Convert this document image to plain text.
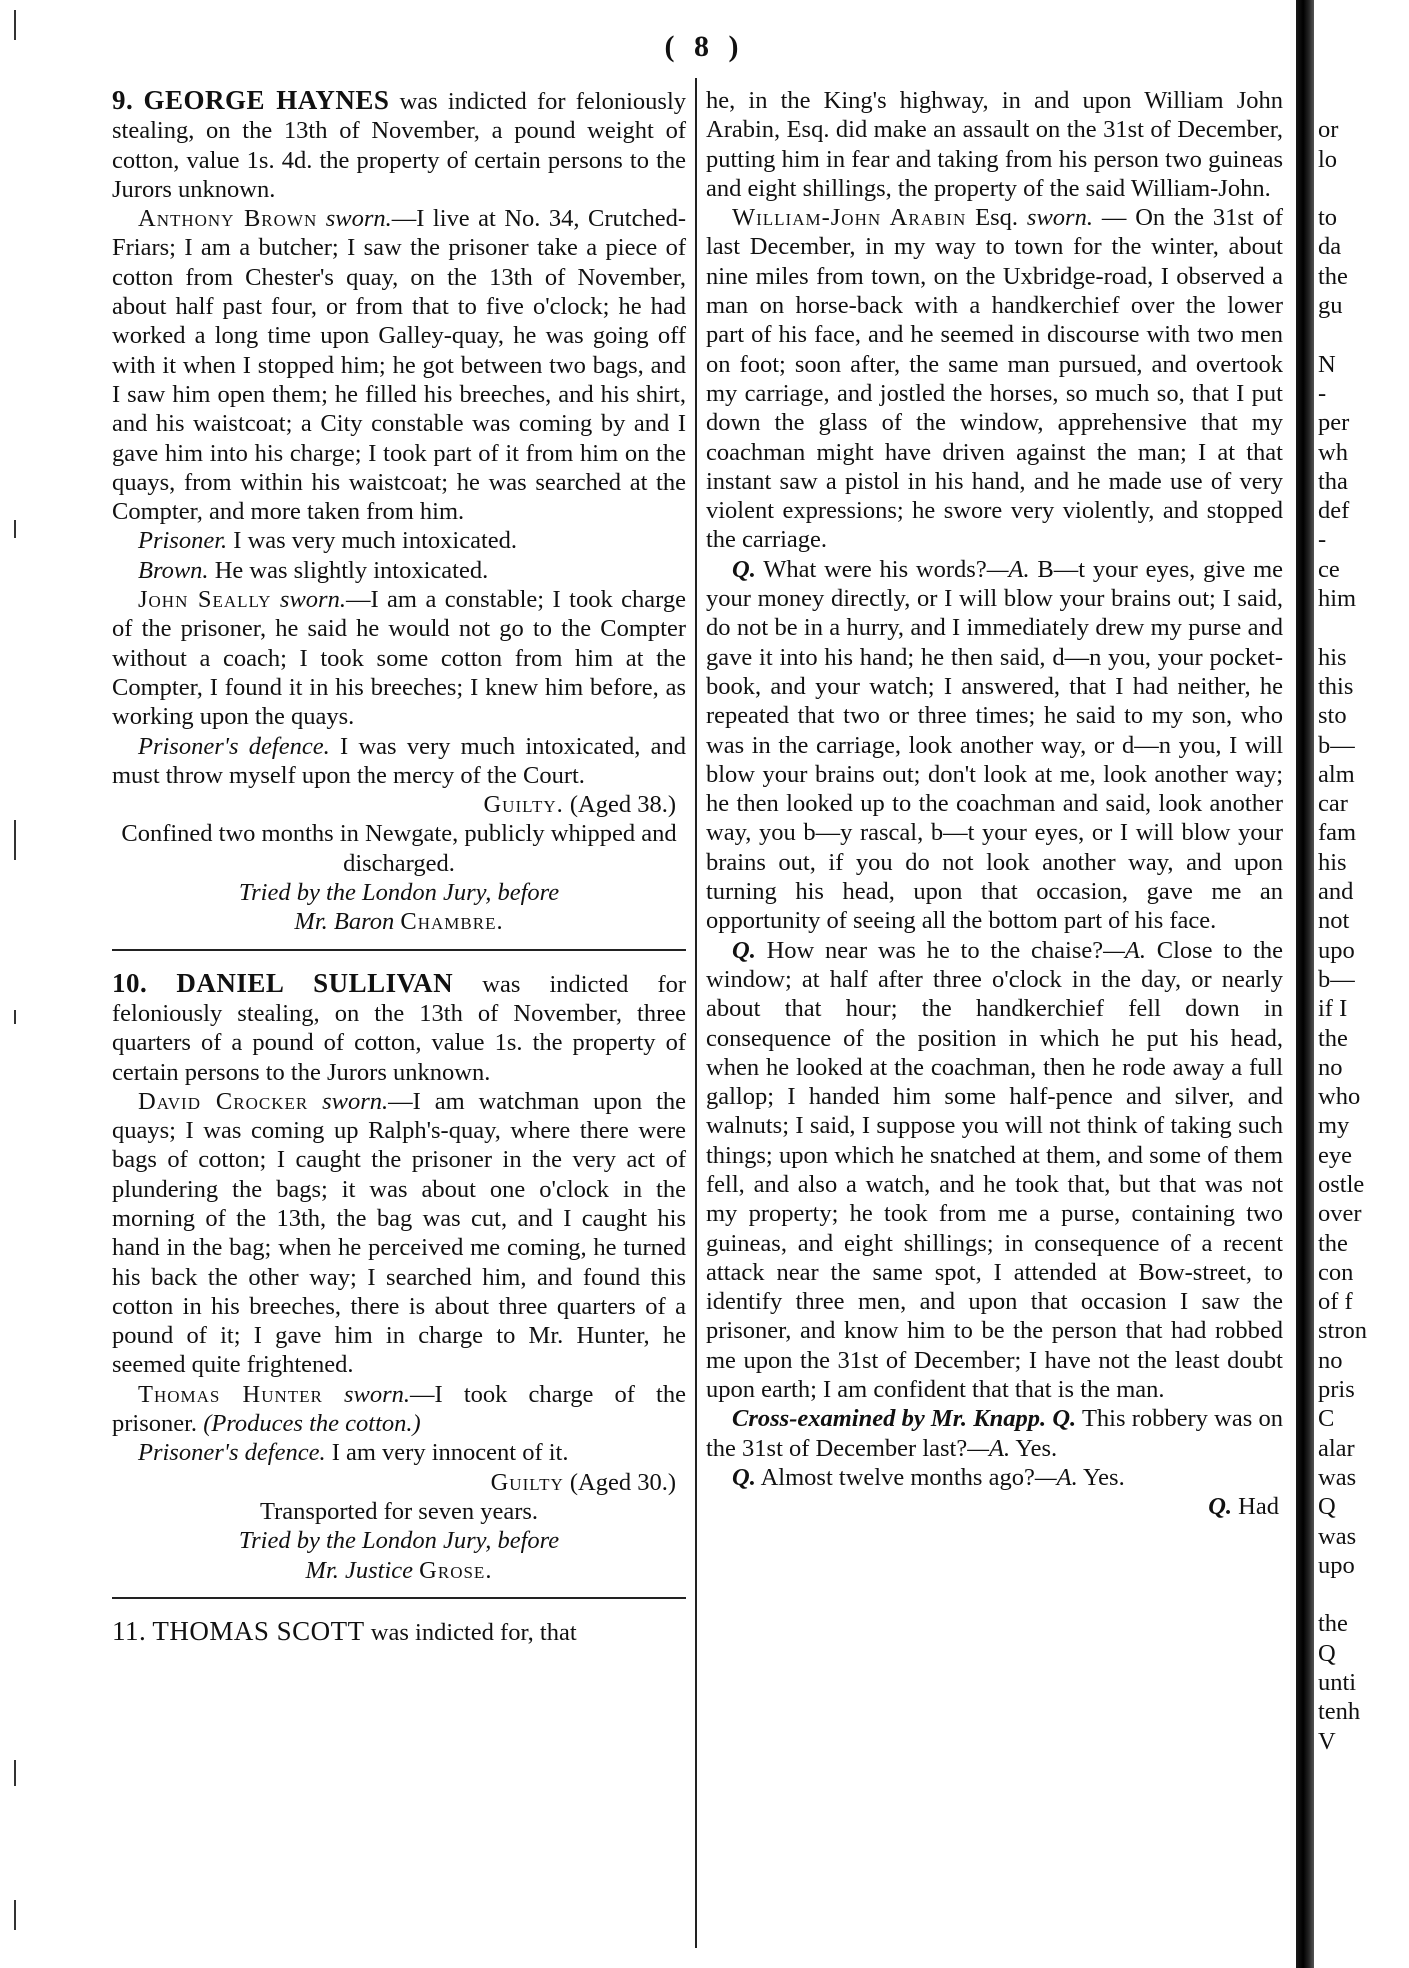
( 8 )

9. GEORGE HAYNES was indicted for feloniously stealing, on the 13th of November, a pound weight of cotton, value 1s. 4d. the property of certain persons to the Jurors unknown.

Anthony Brown sworn.—I live at No. 34, Crutched-Friars; I am a butcher; I saw the prisoner take a piece of cotton from Chester's quay, on the 13th of November, about half past four, or from that to five o'clock; he had worked a long time upon Galley-quay, he was going off with it when I stopped him; he got between two bags, and I saw him open them; he filled his breeches, and his shirt, and his waistcoat; a City constable was coming by and I gave him into his charge; I took part of it from him on the quays, from within his waistcoat; he was searched at the Compter, and more taken from him.

Prisoner. I was very much intoxicated.

Brown. He was slightly intoxicated.

John Seally sworn.—I am a constable; I took charge of the prisoner, he said he would not go to the Compter without a coach; I took some cotton from him at the Compter, I found it in his breeches; I knew him before, as working upon the quays.

Prisoner's defence. I was very much intoxicated, and must throw myself upon the mercy of the Court.

Guilty. (Aged 38.)

Confined two months in Newgate, publicly whipped and discharged.

Tried by the London Jury, before

Mr. Baron Chambre.

10. DANIEL SULLIVAN was indicted for feloniously stealing, on the 13th of November, three quarters of a pound of cotton, value 1s. the property of certain persons to the Jurors unknown.

David Crocker sworn.—I am watchman upon the quays; I was coming up Ralph's-quay, where there were bags of cotton; I caught the prisoner in the very act of plundering the bags; it was about one o'clock in the morning of the 13th, the bag was cut, and I caught his hand in the bag; when he perceived me coming, he turned his back the other way; I searched him, and found this cotton in his breeches, there is about three quarters of a pound of it; I gave him in charge to Mr. Hunter, he seemed quite frightened.

Thomas Hunter sworn.—I took charge of the prisoner. (Produces the cotton.)

Prisoner's defence. I am very innocent of it.

Guilty (Aged 30.)

Transported for seven years.

Tried by the London Jury, before

Mr. Justice Grose.

11. THOMAS SCOTT was indicted for, that

he, in the King's highway, in and upon William John Arabin, Esq. did make an assault on the 31st of December, putting him in fear and taking from his person two guineas and eight shillings, the property of the said William-John.

William-John Arabin Esq. sworn. — On the 31st of last December, in my way to town for the winter, about nine miles from town, on the Uxbridge-road, I observed a man on horse-back with a handkerchief over the lower part of his face, and he seemed in discourse with two men on foot; soon after, the same man pursued, and overtook my carriage, and jostled the horses, so much so, that I put down the glass of the window, apprehensive that my coachman might have driven against the man; I at that instant saw a pistol in his hand, and he made use of very violent expressions; he swore very violently, and stopped the carriage.

Q. What were his words?—A. B—t your eyes, give me your money directly, or I will blow your brains out; I said, do not be in a hurry, and I immediately drew my purse and gave it into his hand; he then said, d—n you, your pocket-book, and your watch; I answered, that I had neither, he repeated that two or three times; he said to my son, who was in the carriage, look another way, or d—n you, I will blow your brains out; don't look at me, look another way; he then looked up to the coachman and said, look another way, you b—y rascal, b—t your eyes, or I will blow your brains out, if you do not look another way, and upon turning his head, upon that occasion, gave me an opportunity of seeing all the bottom part of his face.

Q. How near was he to the chaise?—A. Close to the window; at half after three o'clock in the day, or nearly about that hour; the handkerchief fell down in consequence of the position in which he put his head, when he looked at the coachman, then he rode away a full gallop; I handed him some half-pence and silver, and walnuts; I said, I suppose you will not think of taking such things; upon which he snatched at them, and some of them fell, and also a watch, and he took that, but that was not my property; he took from me a purse, containing two guineas, and eight shillings; in consequence of a recent attack near the same spot, I attended at Bow-street, to identify three men, and upon that occasion I saw the prisoner, and know him to be the person that had robbed me upon the 31st of December; I have not the least doubt upon earth; I am confident that that is the man.

Cross-examined by Mr. Knapp. Q. This robbery was on the 31st of December last?—A. Yes.

Q. Almost twelve months ago?—A. Yes.

Q. Had

or
lo
to
da
the
gu
N
-
per
wh
tha
def
-
ce
him
his
this
sto
b—
alm
car
fam
his
and
not
upo
b—
if I
the
no
who
my
eye
ostle
over
the
con
of f
stron
no
pris
C
alar
was
Q
was
upo
the
Q
unti
tenh
V
